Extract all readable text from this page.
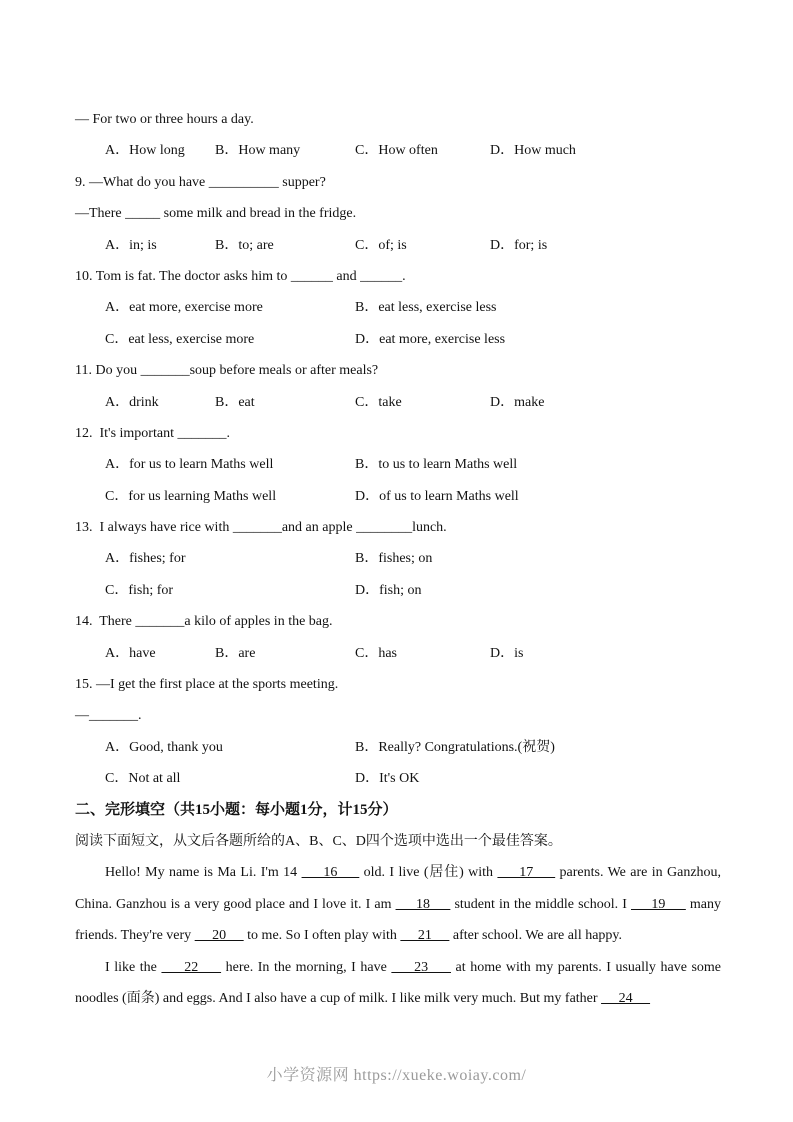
— For two or three hours a day.
A．How long B．How many	C．How often	D．How much
9. —What do you have __________ supper?
—There _____ some milk and bread in the fridge.
A．in; is	B．to; are	C．of; is	D．for; is
10. Tom is fat. The doctor asks him to ______ and ______.
A．eat more, exercise more	B．eat less, exercise less
C．eat less, exercise more	D．eat more, exercise less
11. Do you _______soup before meals or after meals?
A．drink	B．eat	C．take	D．make
12.  It's important _______.
A．for us to learn Maths well	B．to us to learn Maths well
C．for us learning Maths well	D．of us to learn Maths well
13.  I always have rice with _______and an apple ________lunch.
A．fishes; for	B．fishes; on
C．fish; for	D．fish; on
14.  There _______a kilo of apples in the bag.
A．have	B．are	C．has	D．is
15. —I get the first place at the sports meeting.
—_______.
A．Good, thank you	B．Really? Congratulations.(祝贺)
C．Not at all	D．It's OK
二、完形填空（共15小题：每小题1分，计15分）
阅读下面短文，从文后各题所给的A、B、C、D四个选项中选出一个最佳答案。
Hello! My name is Ma Li. I'm 14      16      old. I live (居住) with      17      parents. We are in Ganzhou, China. Ganzhou is a very good place and I love it. I am      18      student in the middle school. I      19      many friends. They're very      20      to me. So I often play with      21      after school. We are all happy.
I like the      22      here. In the morning, I have      23      at home with my parents. I usually have some noodles (面条) and eggs. And I also have a cup of milk. I like milk very much. But my father      24
小学资源网 https://xueke.woiay.com/
